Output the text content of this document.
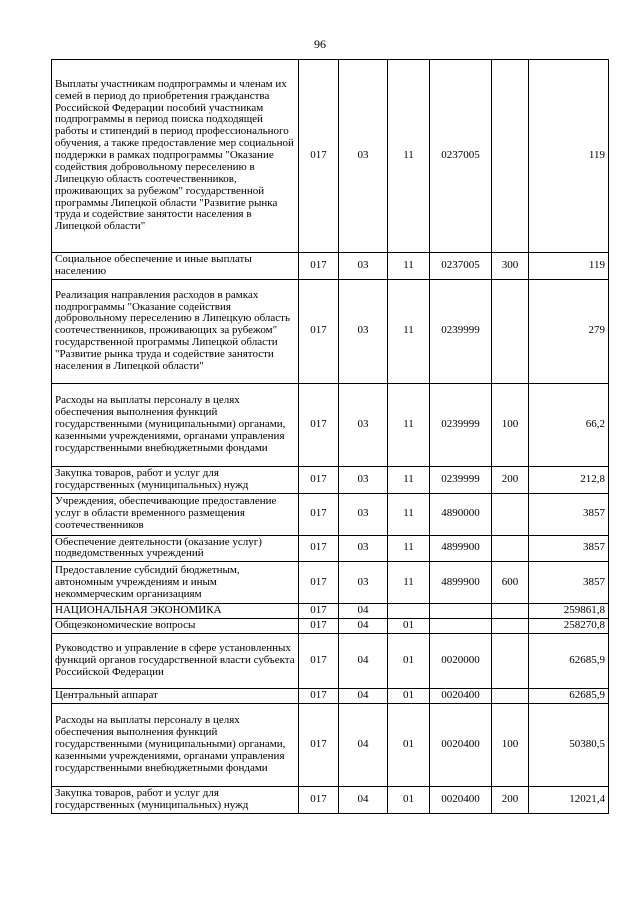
96
Выплаты участникам подпрограммы и членам их семей в период до приобретения гражданства Российской Федерации пособий участникам подпрограммы в период поиска подходящей работы и стипендий в период профессионального обучения, а также предоставление мер социальной поддержки в рамках подпрограммы "Оказание содействия добровольному переселению в Липецкую область соотечественников, проживающих за рубежом" государственной программы Липецкой области "Развитие рынка труда и содействие занятости населения в Липецкой области"	017	03	11	0237005		119
Социальное обеспечение и иные выплаты населению	017	03	11	0237005	300	119
Реализация направления расходов в рамках подпрограммы "Оказание содействия добровольному переселению в Липецкую область соотечественников, проживающих за рубежом" государственной программы Липецкой области "Развитие рынка труда и содействие занятости населения в Липецкой области"	017	03	11	0239999		279
Расходы на выплаты персоналу в целях обеспечения выполнения функций государственными (муниципальными) органами, казенными учреждениями, органами управления государственными внебюджетными фондами	017	03	11	0239999	100	66,2
Закупка товаров, работ и услуг для государственных (муниципальных) нужд	017	03	11	0239999	200	212,8
Учреждения, обеспечивающие предоставление услуг в области временного размещения соотечественников	017	03	11	4890000		3857
Обеспечение деятельности (оказание услуг) подведомственных учреждений	017	03	11	4899900		3857
Предоставление субсидий бюджетным, автономным учреждениям и иным некоммерческим организациям	017	03	11	4899900	600	3857
НАЦИОНАЛЬНАЯ ЭКОНОМИКА	017	04				259861,8
Общеэкономические вопросы	017	04	01			258270,8
Руководство и управление в сфере установленных функций органов государственной власти субъекта Российской Федерации	017	04	01	0020000		62685,9
Центральный аппарат	017	04	01	0020400		62685,9
Расходы на выплаты персоналу в целях обеспечения выполнения функций государственными (муниципальными) органами, казенными учреждениями, органами управления государственными внебюджетными фондами	017	04	01	0020400	100	50380,5
Закупка товаров, работ и услуг для государственных (муниципальных) нужд	017	04	01	0020400	200	12021,4
